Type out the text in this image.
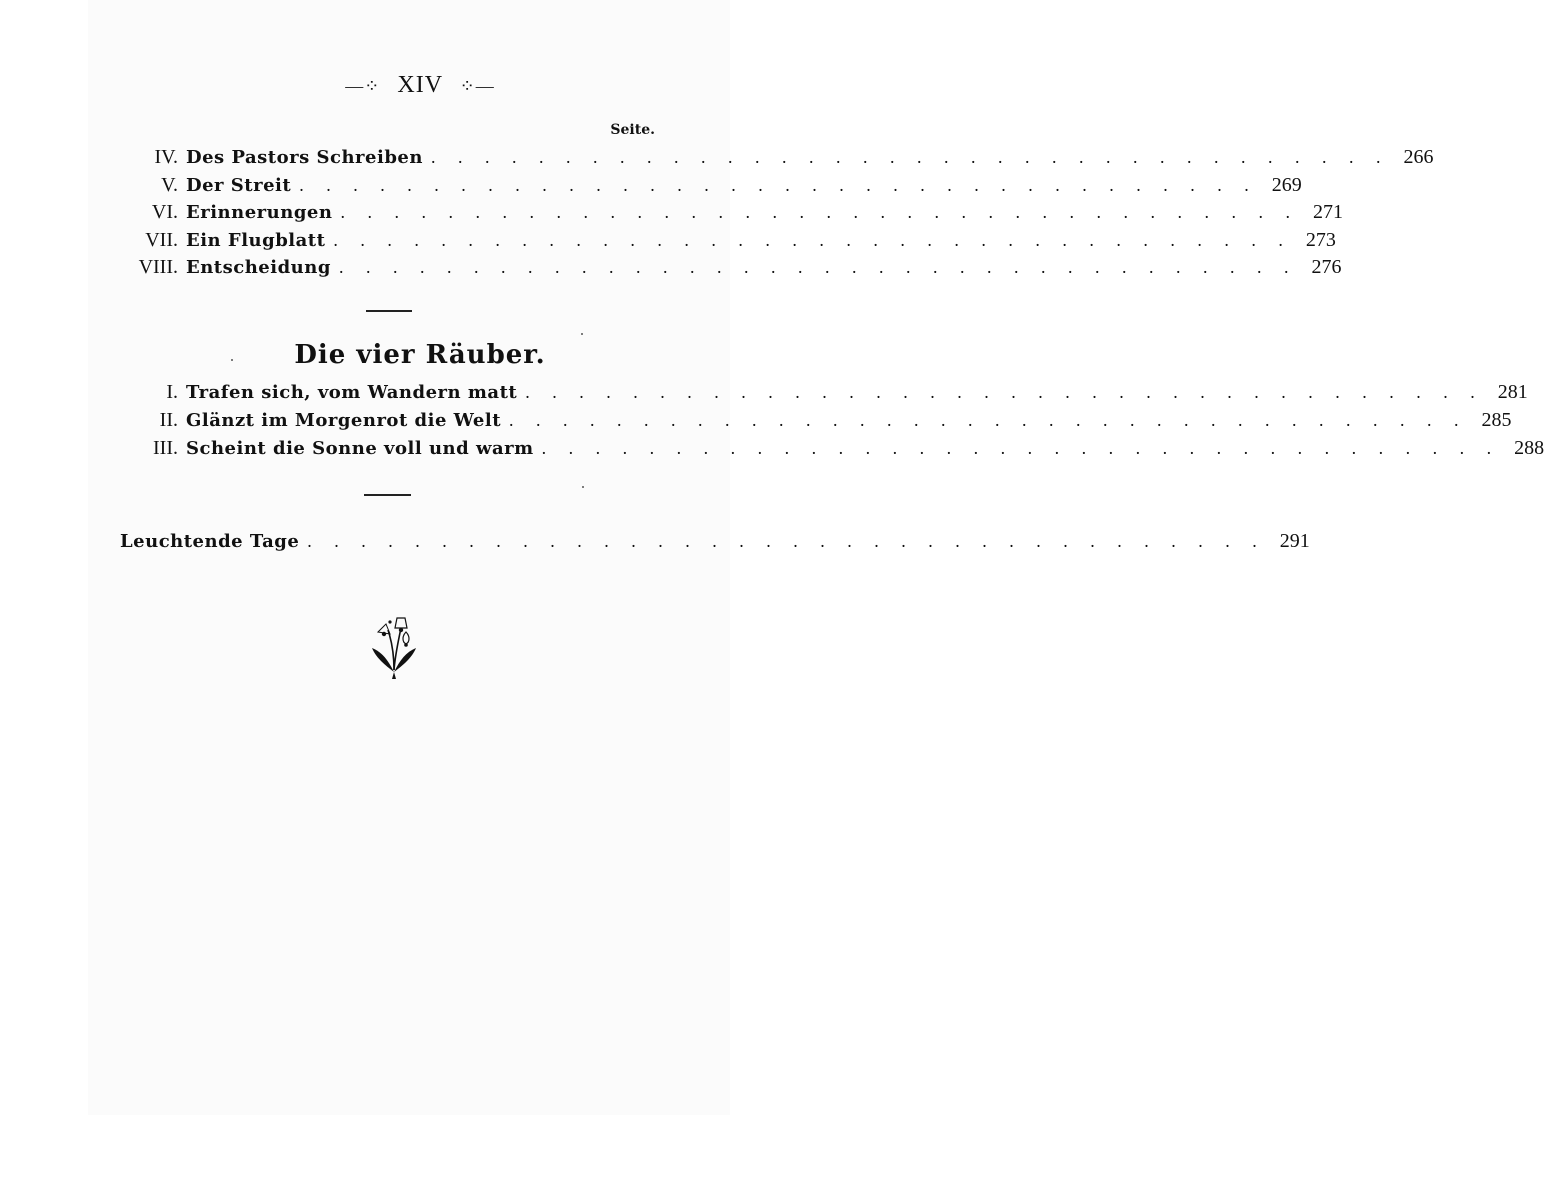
—⁘ XIV ⁘—
Seite.
IV. Des Pastors Schreiben . . . . . . . . . . . . . . . . . . . . . . . . . . . . . . . . . . . . 266
V. Der Streit . . . . . . . . . . . . . . . . . . . . . . . . . . . . . . . . . . . . 269
VI. Erinnerungen . . . . . . . . . . . . . . . . . . . . . . . . . . . . . . . . . . . . 271
VII. Ein Flugblatt . . . . . . . . . . . . . . . . . . . . . . . . . . . . . . . . . . . . 273
VIII. Entscheidung . . . . . . . . . . . . . . . . . . . . . . . . . . . . . . . . . . . . 276
Die vier Räuber.
I. Trafen sich, vom Wandern matt . . . . . . . . . . . . . . . . . . . . . . . . . . . . . . . . . . . . 281
II. Glänzt im Morgenrot die Welt . . . . . . . . . . . . . . . . . . . . . . . . . . . . . . . . . . . . 285
III. Scheint die Sonne voll und warm . . . . . . . . . . . . . . . . . . . . . . . . . . . . . . . . . . . . 288
Leuchtende Tage . . . . . . . . . . . . . . . . . . . . . . . . . . . . . . . . . . . . 291
